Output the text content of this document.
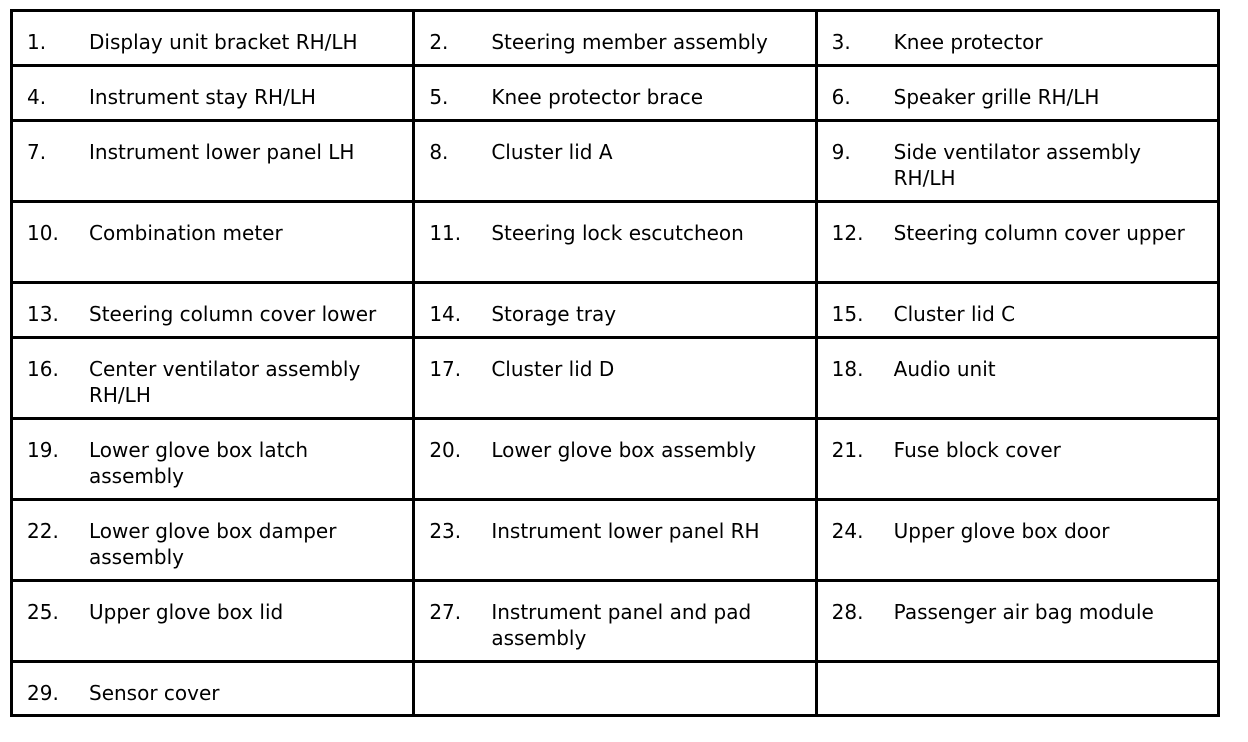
1. Display unit bracket RH/LH	2. Steering member assembly	3. Knee protector

4. Instrument stay RH/LH	5. Knee protector brace	6. Speaker grille RH/LH

7. Instrument lower panel LH	8. Cluster lid A	9. Side ventilator assembly RH/LH

10. Combination meter	11. Steering lock escutcheon	12. Steering column cover upper

13. Steering column cover lower	14. Storage tray	15. Cluster lid C

16. Center ventilator assembly RH/LH	17. Cluster lid D	18. Audio unit

19. Lower glove box latch assembly	20. Lower glove box assembly	21. Fuse block cover

22. Lower glove box damper assembly	23. Instrument lower panel RH	24. Upper glove box door

25. Upper glove box lid	27. Instrument panel and pad assembly	28. Passenger air bag module

29. Sensor cover		
